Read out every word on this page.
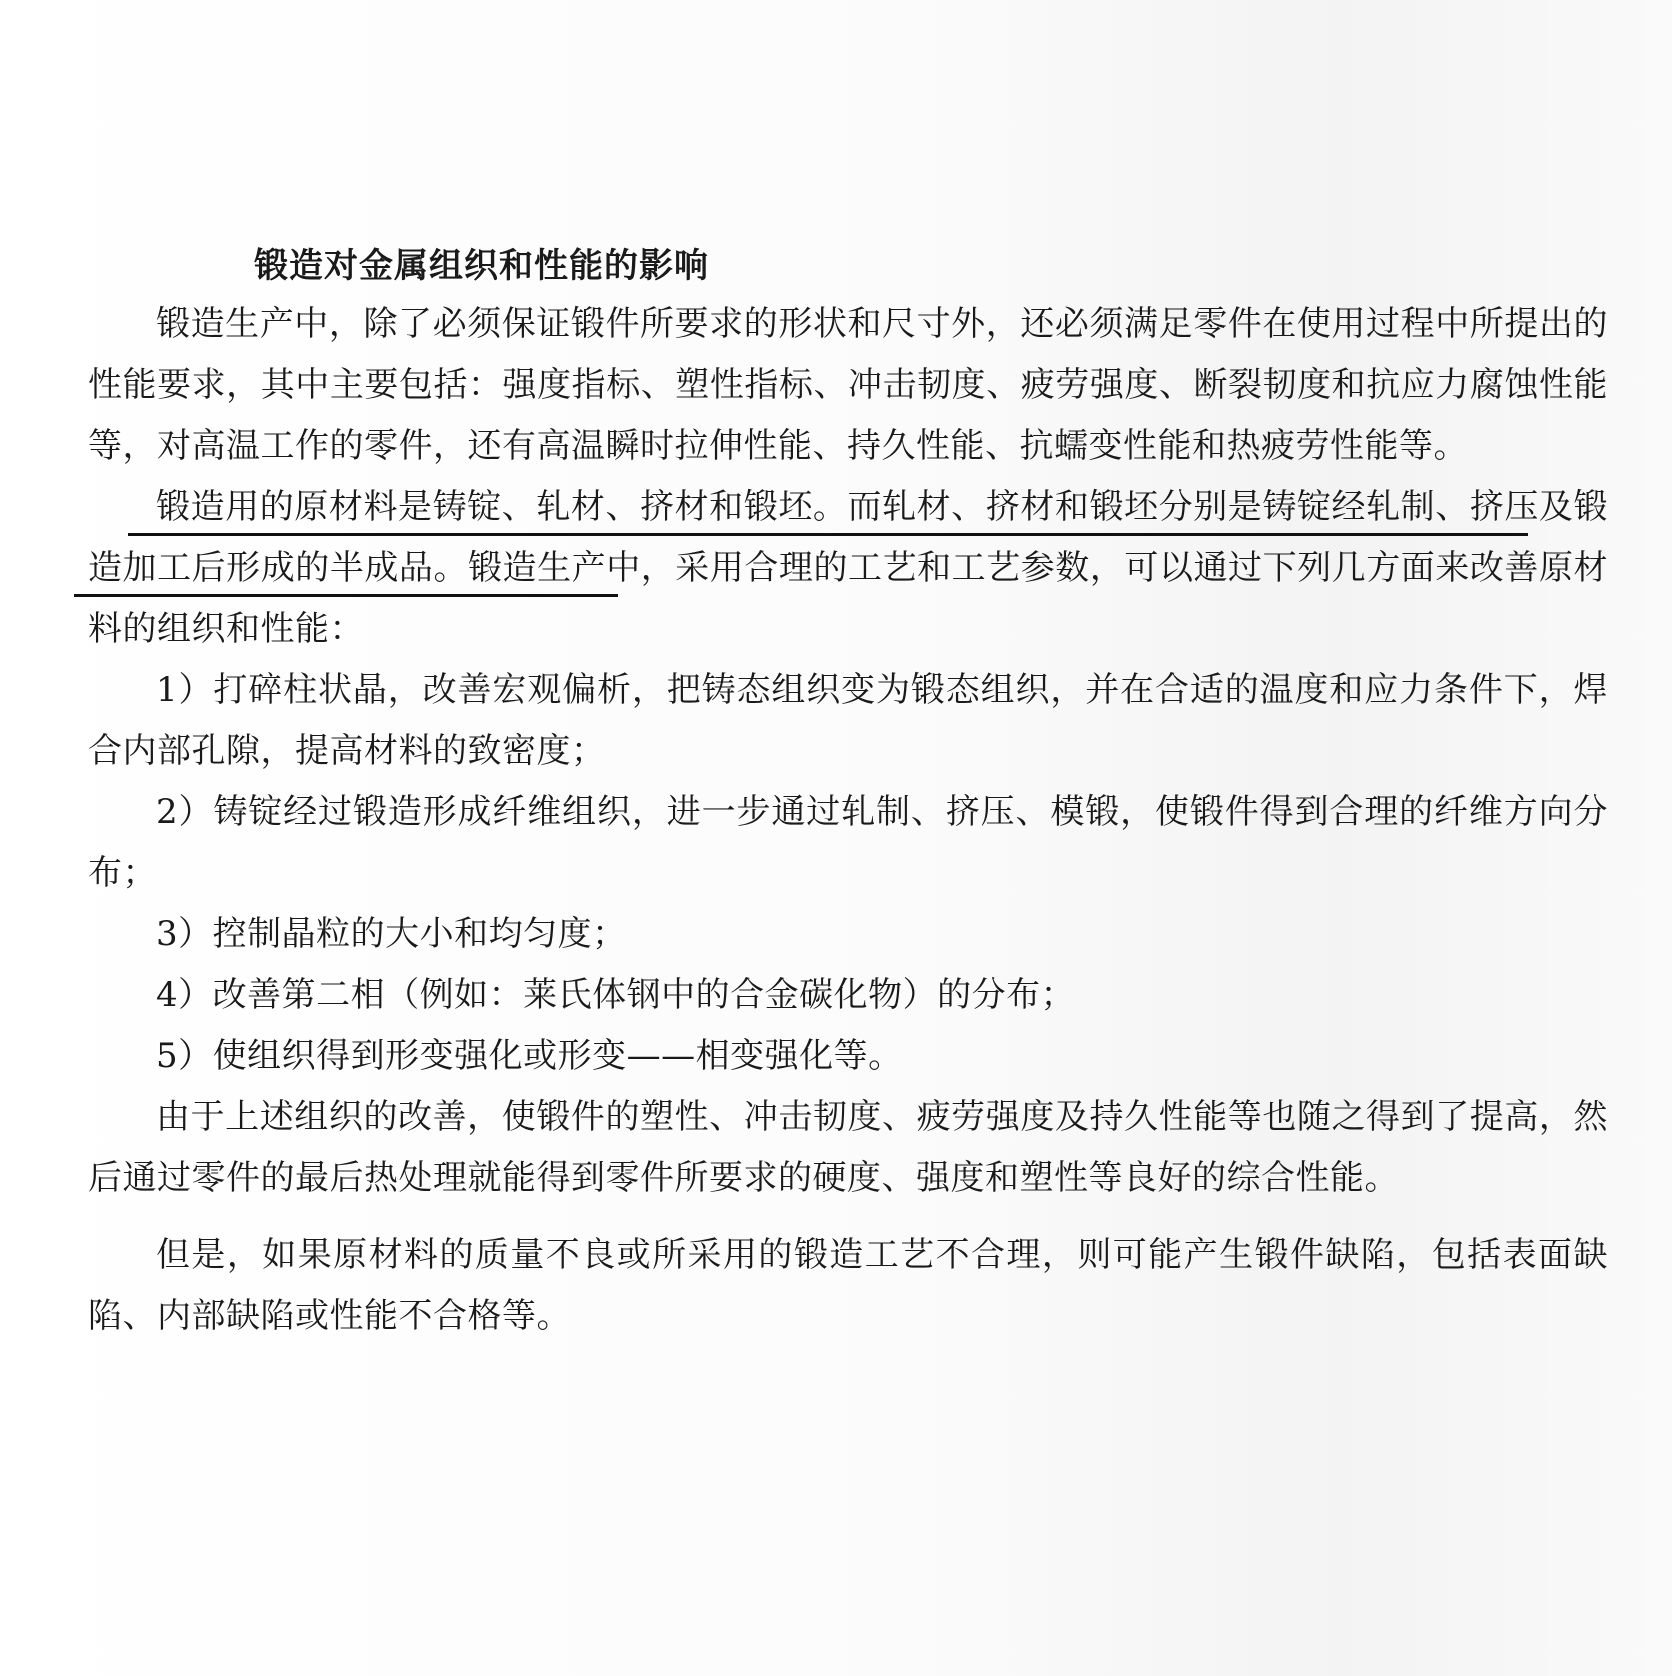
锻造对金属组织和性能的影响

锻造生产中，除了必须保证锻件所要求的形状和尺寸外，还必须满足零件在使用过程中所提出的性能要求，其中主要包括：强度指标、塑性指标、冲击韧度、疲劳强度、断裂韧度和抗应力腐蚀性能等，对高温工作的零件，还有高温瞬时拉伸性能、持久性能、抗蠕变性能和热疲劳性能等。

锻造用的原材料是铸锭、轧材、挤材和锻坯。而轧材、挤材和锻坯分别是铸锭经轧制、挤压及锻造加工后形成的半成品。锻造生产中，采用合理的工艺和工艺参数，可以通过下列几方面来改善原材料的组织和性能：

1）打碎柱状晶，改善宏观偏析，把铸态组织变为锻态组织，并在合适的温度和应力条件下，焊合内部孔隙，提高材料的致密度；

2）铸锭经过锻造形成纤维组织，进一步通过轧制、挤压、模锻，使锻件得到合理的纤维方向分布；

3）控制晶粒的大小和均匀度；

4）改善第二相（例如：莱氏体钢中的合金碳化物）的分布；

5）使组织得到形变强化或形变——相变强化等。

由于上述组织的改善，使锻件的塑性、冲击韧度、疲劳强度及持久性能等也随之得到了提高，然后通过零件的最后热处理就能得到零件所要求的硬度、强度和塑性等良好的综合性能。

但是，如果原材料的质量不良或所采用的锻造工艺不合理，则可能产生锻件缺陷，包括表面缺陷、内部缺陷或性能不合格等。
